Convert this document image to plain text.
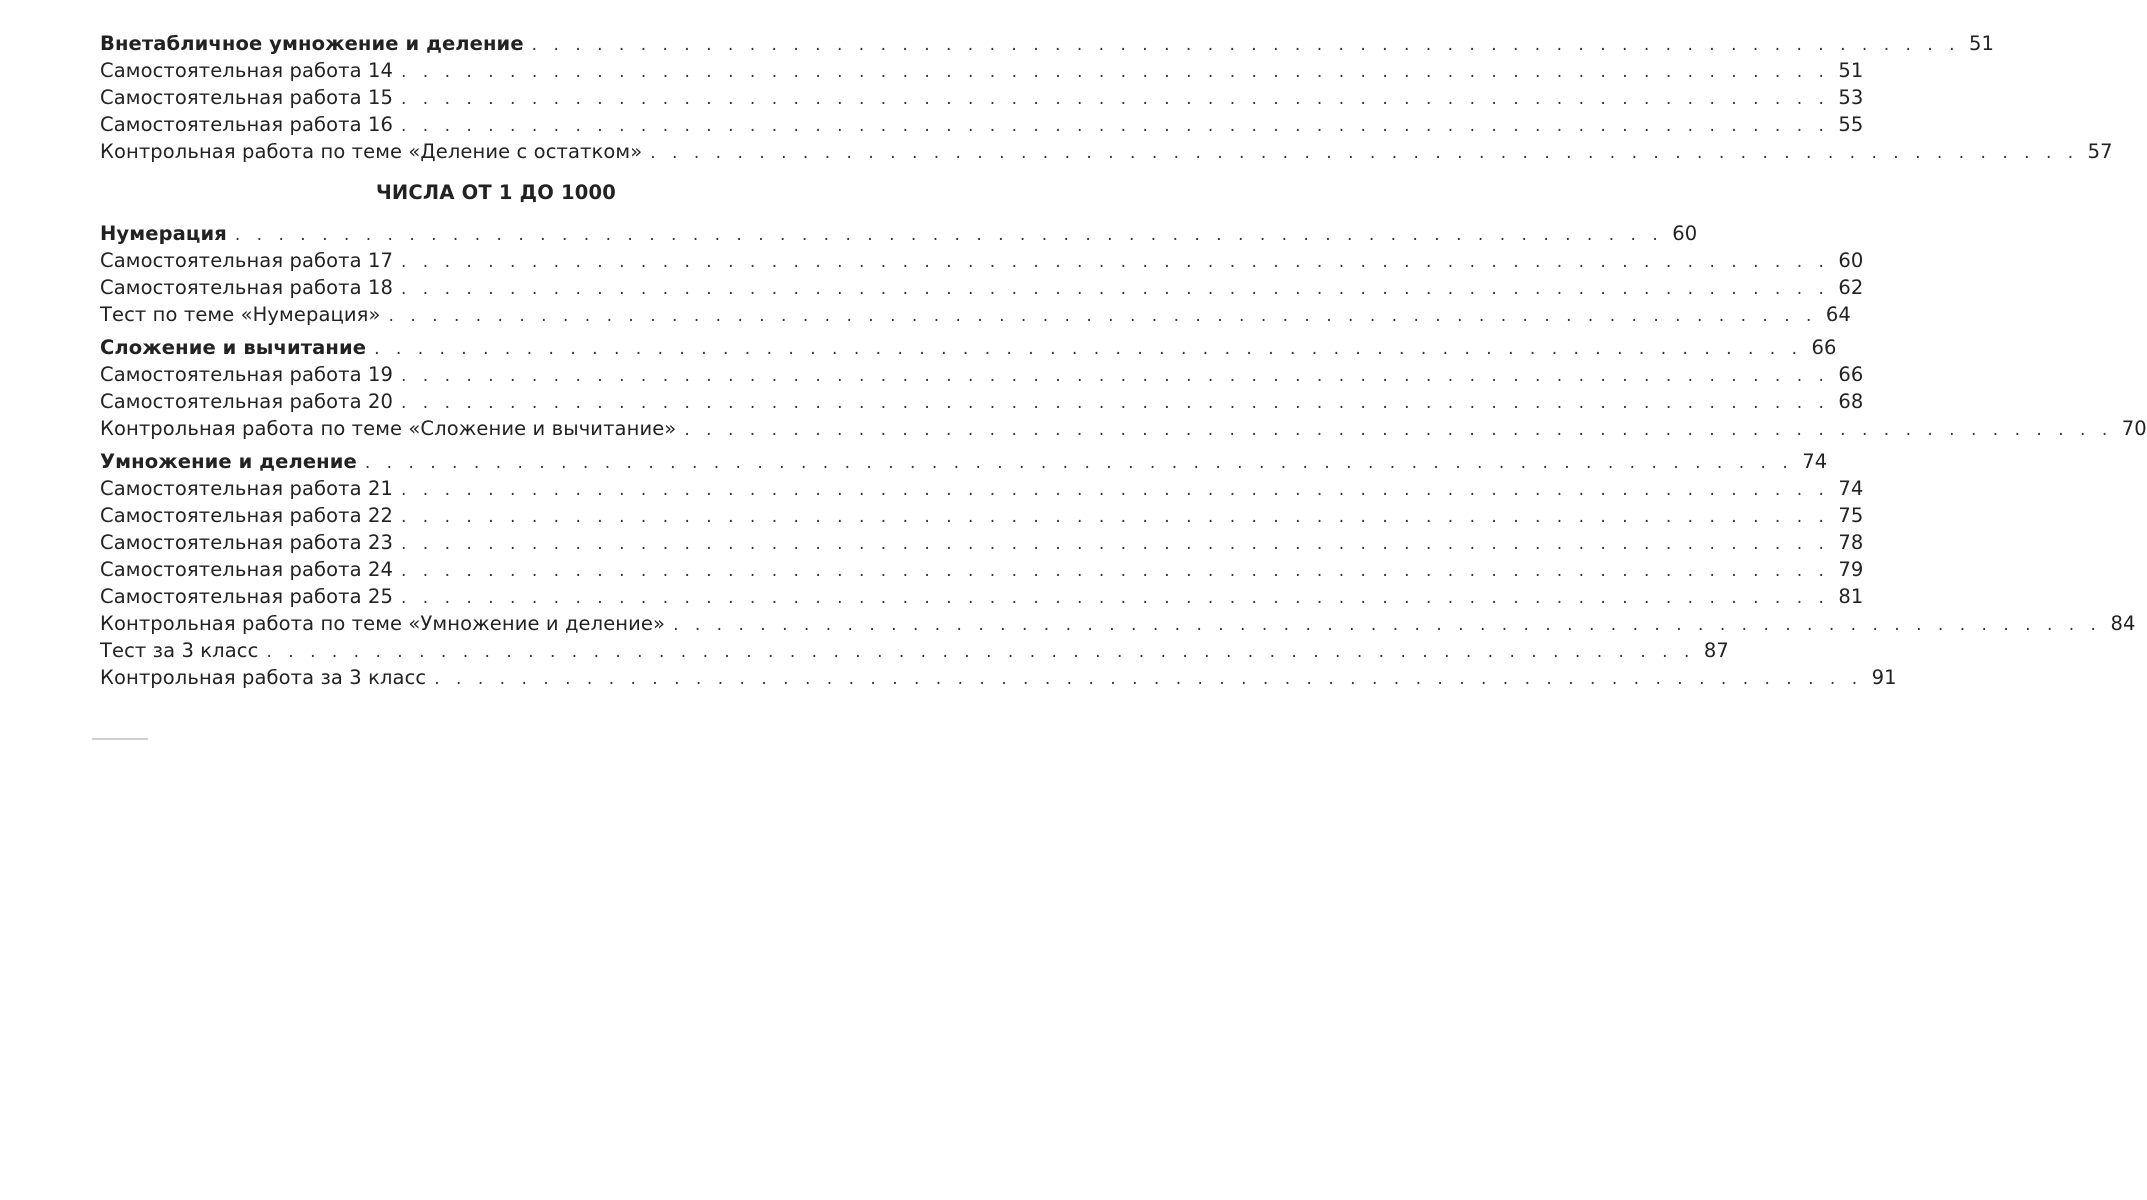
Внетабличное умножение и деление . . . . . . . . . . . . . . . . . . . . . . . . . . . . . . . . . . . . . . . . . . . . . . . . . . . . . . . . . . . . . . . . . . 51
Самостоятельная работа 14 . . . . . . . . . . . . . . . . . . . . . . . . . . . . . . . . . . . . . . . . . . . . . . . . . . . . . . . . . . . . . . . . . . 51
Самостоятельная работа 15 . . . . . . . . . . . . . . . . . . . . . . . . . . . . . . . . . . . . . . . . . . . . . . . . . . . . . . . . . . . . . . . . . . 53
Самостоятельная работа 16 . . . . . . . . . . . . . . . . . . . . . . . . . . . . . . . . . . . . . . . . . . . . . . . . . . . . . . . . . . . . . . . . . . 55
Контрольная работа по теме «Деление с остатком» . . . . . . . . . . . . . . . . . . . . . . . . . . . . . . . . . . . . . . . . . . . . . . . . . . . . . . . . . . . . . . . . . . 57
ЧИСЛА ОТ 1 ДО 1000
Нумерация . . . . . . . . . . . . . . . . . . . . . . . . . . . . . . . . . . . . . . . . . . . . . . . . . . . . . . . . . . . . . . . . . . 60
Самостоятельная работа 17 . . . . . . . . . . . . . . . . . . . . . . . . . . . . . . . . . . . . . . . . . . . . . . . . . . . . . . . . . . . . . . . . . . 60
Самостоятельная работа 18 . . . . . . . . . . . . . . . . . . . . . . . . . . . . . . . . . . . . . . . . . . . . . . . . . . . . . . . . . . . . . . . . . . 62
Тест по теме «Нумерация» . . . . . . . . . . . . . . . . . . . . . . . . . . . . . . . . . . . . . . . . . . . . . . . . . . . . . . . . . . . . . . . . . . 64
Сложение и вычитание . . . . . . . . . . . . . . . . . . . . . . . . . . . . . . . . . . . . . . . . . . . . . . . . . . . . . . . . . . . . . . . . . . 66
Самостоятельная работа 19 . . . . . . . . . . . . . . . . . . . . . . . . . . . . . . . . . . . . . . . . . . . . . . . . . . . . . . . . . . . . . . . . . . 66
Самостоятельная работа 20 . . . . . . . . . . . . . . . . . . . . . . . . . . . . . . . . . . . . . . . . . . . . . . . . . . . . . . . . . . . . . . . . . . 68
Контрольная работа по теме «Сложение и вычитание» . . . . . . . . . . . . . . . . . . . . . . . . . . . . . . . . . . . . . . . . . . . . . . . . . . . . . . . . . . . . . . . . . . 70
Умножение и деление . . . . . . . . . . . . . . . . . . . . . . . . . . . . . . . . . . . . . . . . . . . . . . . . . . . . . . . . . . . . . . . . . . 74
Самостоятельная работа 21 . . . . . . . . . . . . . . . . . . . . . . . . . . . . . . . . . . . . . . . . . . . . . . . . . . . . . . . . . . . . . . . . . . 74
Самостоятельная работа 22 . . . . . . . . . . . . . . . . . . . . . . . . . . . . . . . . . . . . . . . . . . . . . . . . . . . . . . . . . . . . . . . . . . 75
Самостоятельная работа 23 . . . . . . . . . . . . . . . . . . . . . . . . . . . . . . . . . . . . . . . . . . . . . . . . . . . . . . . . . . . . . . . . . . 78
Самостоятельная работа 24 . . . . . . . . . . . . . . . . . . . . . . . . . . . . . . . . . . . . . . . . . . . . . . . . . . . . . . . . . . . . . . . . . . 79
Самостоятельная работа 25 . . . . . . . . . . . . . . . . . . . . . . . . . . . . . . . . . . . . . . . . . . . . . . . . . . . . . . . . . . . . . . . . . . 81
Контрольная работа по теме «Умножение и деление» . . . . . . . . . . . . . . . . . . . . . . . . . . . . . . . . . . . . . . . . . . . . . . . . . . . . . . . . . . . . . . . . . . 84
Тест за 3 класс . . . . . . . . . . . . . . . . . . . . . . . . . . . . . . . . . . . . . . . . . . . . . . . . . . . . . . . . . . . . . . . . . . 87
Контрольная работа за 3 класс . . . . . . . . . . . . . . . . . . . . . . . . . . . . . . . . . . . . . . . . . . . . . . . . . . . . . . . . . . . . . . . . . . 91
